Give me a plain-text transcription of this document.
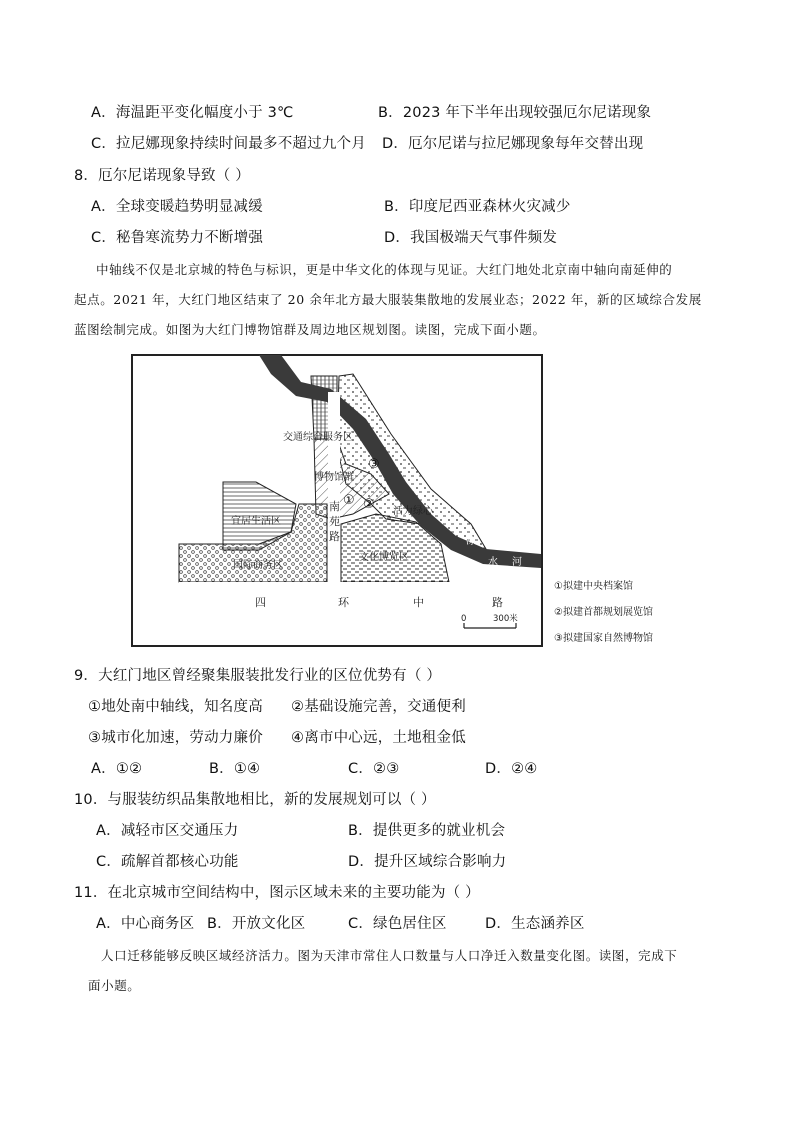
A．海温距平变化幅度小于 3℃	B．2023 年下半年出现较强厄尔尼诺现象
C．拉尼娜现象持续时间最多不超过九个月 D．厄尔尼诺与拉尼娜现象每年交替出现
8．厄尔尼诺现象导致（ ）
A．全球变暖趋势明显减缓	B．印度尼西亚森林火灾减少
C．秘鲁寒流势力不断增强	D．我国极端天气事件频发
中轴线不仅是北京城的特色与标识，更是中华文化的体现与见证。大红门地处北京南中轴向南延伸的
起点。2021 年，大红门地区结束了 20 余年北方最大服装集散地的发展业态；2022 年，新的区域综合发展
蓝图绘制完成。如图为大红门博物馆群及周边地区规划图。读图，完成下面小题。
交通综合服务区
博物馆群
活力绿心
宜居生活区
国际商务区
文化博览区
南
苑
路
四	环	中	路
凉
水 河
① ②
③
0	300米
①拟建中央档案馆
②拟建首都规划展览馆
③拟建国家自然博物馆
9．大红门地区曾经聚集服装批发行业的区位优势有（ ）
①地处南中轴线，知名度高 ②基础设施完善，交通便利
③城市化加速，劳动力廉价 ④离市中心远，土地租金低
A．①②	B．①④	C．②③	D．②④
10．与服装纺织品集散地相比，新的发展规划可以（ ）
A．减轻市区交通压力	B．提供更多的就业机会
C．疏解首都核心功能	D．提升区域综合影响力
11．在北京城市空间结构中，图示区域未来的主要功能为（ ）
A．中心商务区 B．开放文化区	C．绿色居住区	D．生态涵养区
人口迁移能够反映区域经济活力。图为天津市常住人口数量与人口净迁入数量变化图。读图，完成下
面小题。
